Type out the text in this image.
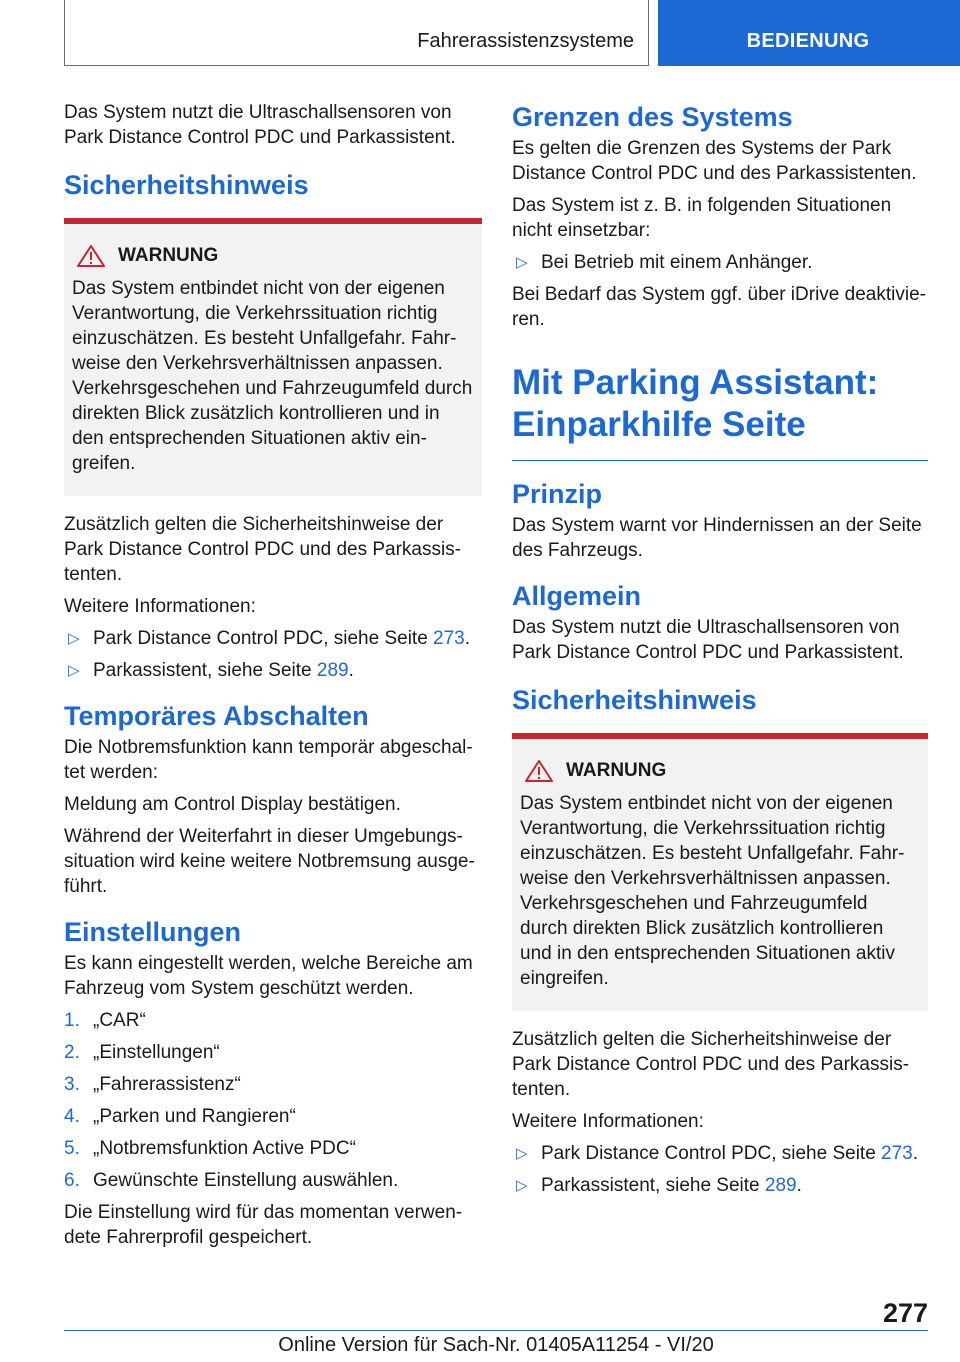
Fahrerassistenzsysteme	BEDIENUNG

Das System nutzt die Ultraschallsensoren von Park Distance Control PDC und Parkassistent.

Sicherheitshinweis
WARNUNG

Das System entbindet nicht von der eigenen Verantwortung, die Verkehrssituation richtig einzuschätzen. Es besteht Unfallgefahr. Fahrweise den Verkehrsverhältnissen anpassen. Verkehrsgeschehen und Fahrzeugumfeld durch direkten Blick zusätzlich kontrollieren und in den entsprechenden Situationen aktiv eingreifen.

Zusätzlich gelten die Sicherheitshinweise der Park Distance Control PDC und des Parkassistenten.

Weitere Informationen:

▷ Park Distance Control PDC, siehe Seite 273.
▷ Parkassistent, siehe Seite 289.
Temporäres Abschalten

Die Notbremsfunktion kann temporär abgeschaltet werden:

Meldung am Control Display bestätigen.

Während der Weiterfahrt in dieser Umgebungssituation wird keine weitere Notbremsung ausgeführt.

Einstellungen

Es kann eingestellt werden, welche Bereiche am Fahrzeug vom System geschützt werden.

1. „CAR“
2. „Einstellungen“
3. „Fahrerassistenz“
4. „Parken und Rangieren“
5. „Notbremsfunktion Active PDC“
6. Gewünschte Einstellung auswählen.

Die Einstellung wird für das momentan verwendete Fahrerprofil gespeichert.

Grenzen des Systems

Es gelten die Grenzen des Systems der Park Distance Control PDC und des Parkassistenten.

Das System ist z. B. in folgenden Situationen nicht einsetzbar:

▷ Bei Betrieb mit einem Anhänger.

Bei Bedarf das System ggf. über iDrive deaktivieren.

Mit Parking Assistant: Einparkhilfe Seite
Prinzip

Das System warnt vor Hindernissen an der Seite des Fahrzeugs.

Allgemein

Das System nutzt die Ultraschallsensoren von Park Distance Control PDC und Parkassistent.

Sicherheitshinweis
WARNUNG

Das System entbindet nicht von der eigenen Verantwortung, die Verkehrssituation richtig einzuschätzen. Es besteht Unfallgefahr. Fahrweise den Verkehrsverhältnissen anpassen. Verkehrsgeschehen und Fahrzeugumfeld durch direkten Blick zusätzlich kontrollieren und in den entsprechenden Situationen aktiv eingreifen.

Zusätzlich gelten die Sicherheitshinweise der Park Distance Control PDC und des Parkassistenten.

Weitere Informationen:

▷ Park Distance Control PDC, siehe Seite 273.
▷ Parkassistent, siehe Seite 289.
277
Online Version für Sach-Nr. 01405A11254 - VI/20
